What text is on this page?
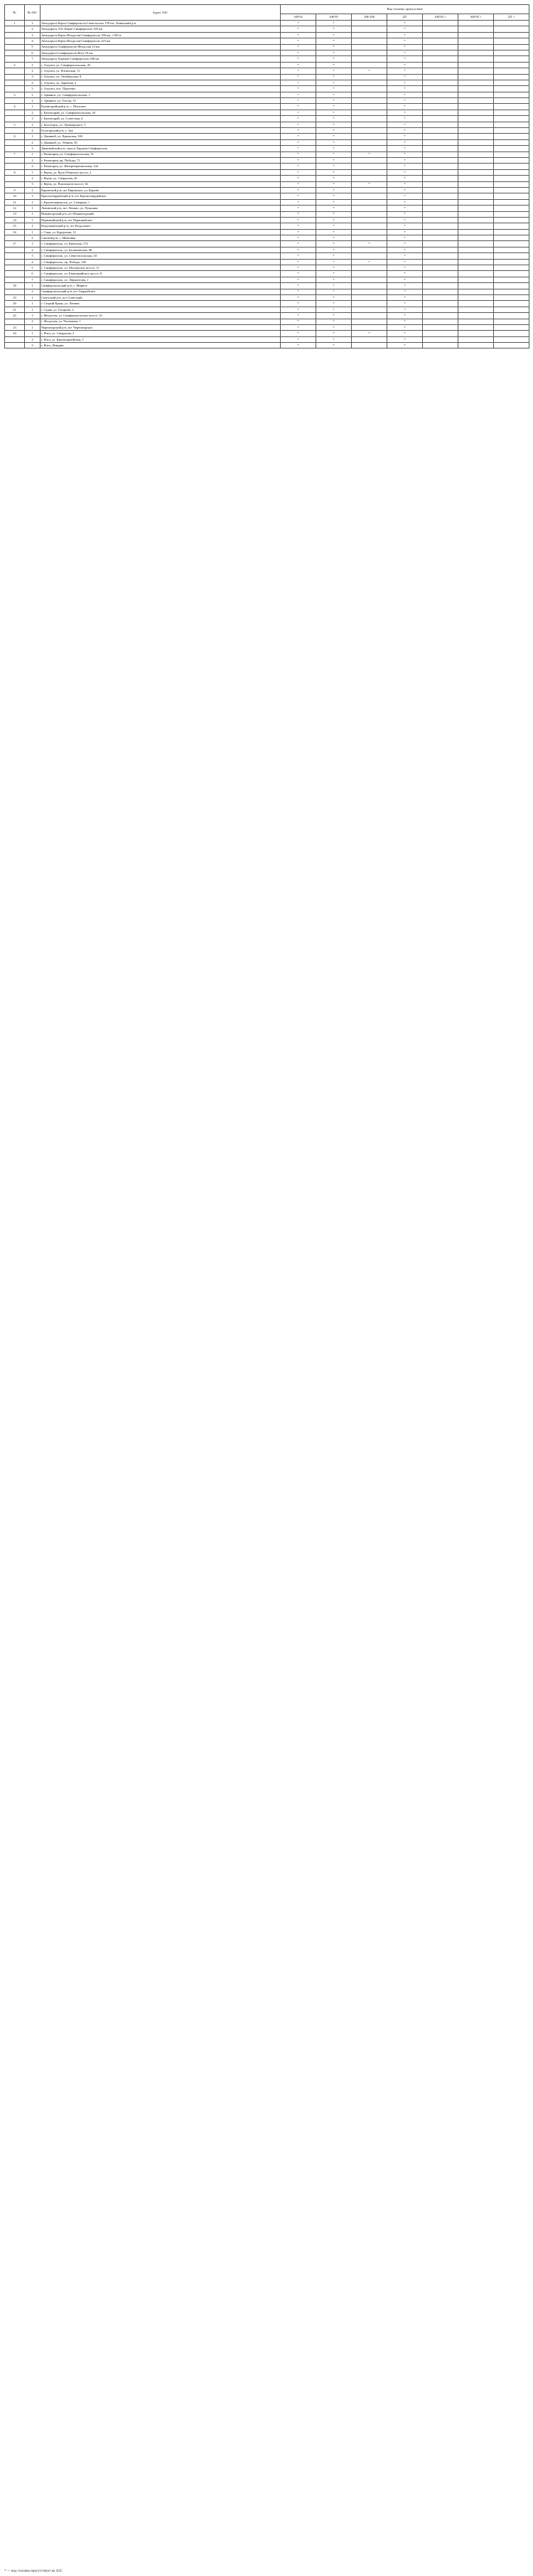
№	№ АЗС	Адрес АЗС	Вид топлива, присутствие						
			АИ-92	АИ-95	АИ-100	ДТ	АИ-92 +	АИ-95 +	ДТ +
1	1	Автодорога Керчь-Симферополь-Севастополь 159 км, Ленинский р-н	*	*		*			
	2	Автодорога АЗС Керчь-Симферополь 183 км	*	*		*			
	3	Автодорога Керчь-Феодосия-Симферополь 190 км, +100 м	*	*		*			
	4	Автодорога Керчь-Феодосия-Симферополь 225 км	*	*		*			
	5	Автодорога Симферополь-Феодосия 14 км	*	*		*			
	6	Автодорога Симферополь-Ялта 19 км	*	*		*			
	7	Автодорога Харьков-Симферополь 648 км	*	*		*			
2	1	г. Алушта, ул. Симферопольская, 43	*	*		*			
	2	г. Алушта, ул. Ялтинская, 11	*	*	*	*			
	3	г. Алушта, ул. Октябрьская, 8	*	*		*			
	4	г. Алушта, ул. Заречная, 2	*	*		*			
	5	г. Алушта, пос. Партенит	*	*		*			
3	1	г. Армянск, ул. Симферопольская, 1	*	*		*			
	2	г. Армянск, ул. Гоголя, 15	*	*		*			
4	1	Бахчисарайский р-н, с. Почтовое	*	*		*			
	2	г. Бахчисарай, ул. Симферопольская, 20	*	*		*			
	3	г. Бахчисарай, ул. Советская, 4	*	*		*			
5	1	г. Белогорск, ул. Луначарского, 5	*	*		*			
	2	Белогорский р-н, с. Зуя	*	*		*			
6	1	г. Джанкой, ул. Крымская, 100	*	*		*			
	2	г. Джанкой, ул. Ленина, 56	*	*		*			
	3	Джанкойский р-н, трасса Харьков-Симферополь	*	*		*			
7	1	г. Евпатория, ул. Симферопольская, 51	*	*	*	*			
	2	г. Евпатория, пр. Победы, 71	*	*		*			
	3	г. Евпатория, ул. Интернациональная, 144	*	*		*			
8	1	г. Керчь, ул. Куль-Обинское шоссе, 2	*	*		*			
	2	г. Керчь, ул. Свердлова, 26	*	*		*			
	3	г. Керчь, ул. Вокзальное шоссе, 34	*	*	*	*			
9	1	Кировский р-н, пгт Кировское, ул. Кирова	*	*		*			
10	1	Красногвардейский р-н, пгт Красногвардейское	*	*		*			
11	1	г. Красноперекопск, ул. Северная, 1	*	*		*			
12	1	Ленинский р-н, пгт Ленино, ул. Пушкина	*	*		*			
13	1	Нижнегорский р-н, пгт Нижнегорский	*	*		*			
14	1	Первомайский р-н, пгт Первомайское	*	*		*			
15	1	Раздольненский р-н, пгт Раздольное	*	*		*			
16	1	г. Саки, ул. Курортная, 12	*	*		*			
	2	Сакский р-н, с. Ивановка	*	*		*			
17	1	г. Симферополь, ул. Киевская, 174	*	*	*	*			
	2	г. Симферополь, ул. Балаклавская, 68	*	*		*			
	3	г. Симферополь, ул. Севастопольская, 43	*	*		*			
	4	г. Симферополь, пр. Победы, 245	*	*	*	*			
	5	г. Симферополь, ул. Московское шоссе, 11	*	*		*			
	6	г. Симферополь, ул. Евпаторийское шоссе, 8	*	*		*			
	7	г. Симферополь, ул. Лермонтова, 1	*	*		*			
18	1	Симферопольский р-н, с. Мирное	*	*		*			
	2	Симферопольский р-н, пгт Гвардейское	*	*		*			
19	1	Советский р-н, пгт Советский	*	*		*			
20	1	г. Старый Крым, ул. Ленина	*	*		*			
21	1	г. Судак, ул. Гагарина, 2	*	*		*			
22	1	г. Феодосия, ул. Симферопольское шоссе, 33	*	*		*			
	2	г. Феодосия, ул. Челнокова, 1	*	*		*			
23	1	Черноморский р-н, пгт Черноморское	*	*		*			
24	1	г. Ялта, ул. Свердлова, 2	*	*	*	*			
	2	г. Ялта, ул. Красноармейская, 5	*	*		*			
	3	г. Ялта, Ливадия	*	*		*			
* — вид топлива присутствует на АЗС
